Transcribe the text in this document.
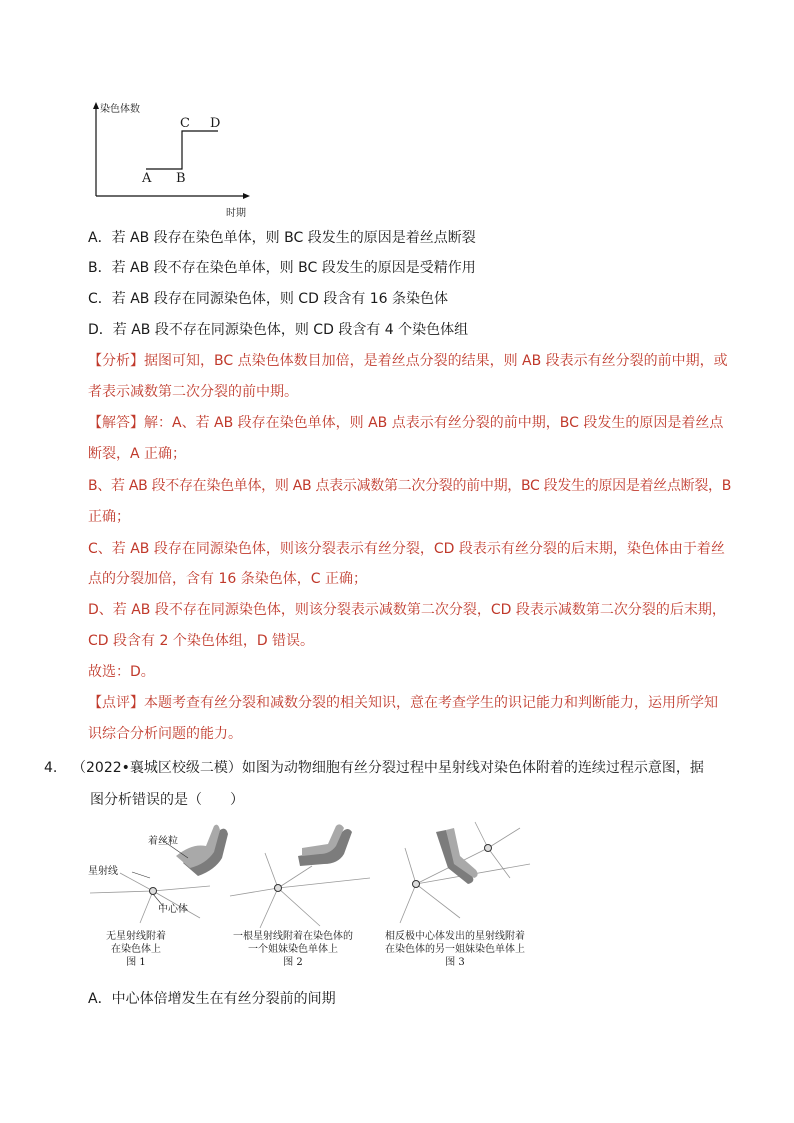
染色体数
时期
A B
C D
A．若 AB 段存在染色单体，则 BC 段发生的原因是着丝点断裂
B．若 AB 段不存在染色单体，则 BC 段发生的原因是受精作用
C．若 AB 段存在同源染色体，则 CD 段含有 16 条染色体
D．若 AB 段不存在同源染色体，则 CD 段含有 4 个染色体组
【分析】据图可知，BC 点染色体数目加倍，是着丝点分裂的结果，则 AB 段表示有丝分裂的前中期，或
者表示减数第二次分裂的前中期。
【解答】解：A、若 AB 段存在染色单体，则 AB 点表示有丝分裂的前中期，BC 段发生的原因是着丝点
断裂，A 正确；
B、若 AB 段不存在染色单体，则 AB 点表示减数第二次分裂的前中期，BC 段发生的原因是着丝点断裂，B
正确；
C、若 AB 段存在同源染色体，则该分裂表示有丝分裂，CD 段表示有丝分裂的后末期，染色体由于着丝
点的分裂加倍，含有 16 条染色体，C 正确；
D、若 AB 段不存在同源染色体，则该分裂表示减数第二次分裂，CD 段表示减数第二次分裂的后末期，
CD 段含有 2 个染色体组，D 错误。
故选：D。
【点评】本题考查有丝分裂和减数分裂的相关知识，意在考查学生的识记能力和判断能力，运用所学知
识综合分析问题的能力。
4. （2022•襄城区校级二模）如图为动物细胞有丝分裂过程中星射线对染色体附着的连续过程示意图，据
图分析错误的是（　　）
着丝粒
星射线
中心体
无星射线附着
在染色体上
图 1
一根星射线附着在染色体的
一个姐妹染色单体上
图 2
相反极中心体发出的星射线附着
在染色体的另一姐妹染色单体上
图 3
A．中心体倍增发生在有丝分裂前的间期
